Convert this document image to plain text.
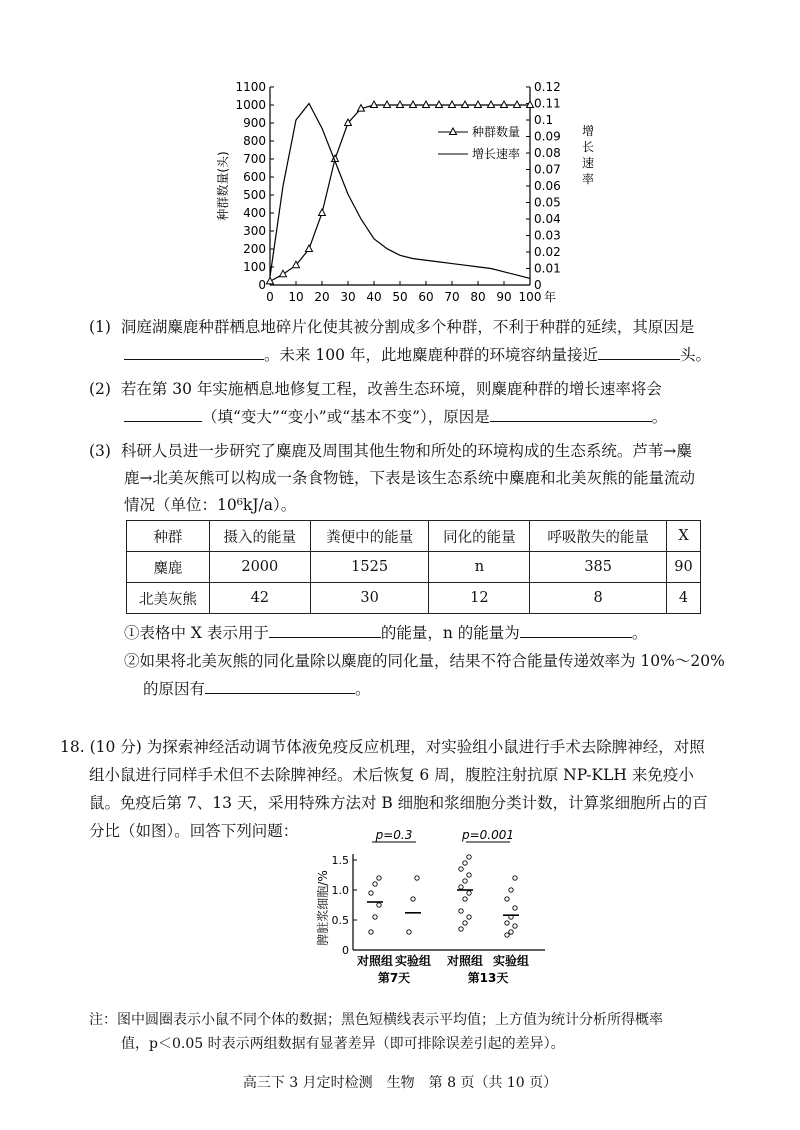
0
100
200
300
400
500
600
700
800
900
1000
1100
0
0.01
0.02
0.03
0.04
0.05
0.06
0.07
0.08
0.09
0.1
0.11
0.12
0 10 20 30 40 50 60 70 80 90 100 年
种群数量(头)
增长速率
种群数量
增长速率
(1) 洞庭湖麋鹿种群栖息地碎片化使其被分割成多个种群，不利于种群的延续，其原因是
。未来 100 年，此地麋鹿种群的环境容纳量接近	头。
(2) 若在第 30 年实施栖息地修复工程，改善生态环境，则麋鹿种群的增长速率将会
（填“变大”“变小”或“基本不变”），原因是	。
(3) 科研人员进一步研究了麋鹿及周围其他生物和所处的环境构成的生态系统。芦苇→麋
鹿→北美灰熊可以构成一条食物链，下表是该生态系统中麋鹿和北美灰熊的能量流动
情况（单位：10⁶kJ/a）。
种群	摄入的能量	粪便中的能量	同化的能量	呼吸散失的能量	X
麋鹿	2000	1525	n	385	90
北美灰熊	42	30	12	8	4
①表格中 X 表示用于	的能量，n 的能量为	。
②如果将北美灰熊的同化量除以麋鹿的同化量，结果不符合能量传递效率为 10%～20%
的原因有	。
18. (10 分) 为探索神经活动调节体液免疫反应机理，对实验组小鼠进行手术去除脾神经，对照
组小鼠进行同样手术但不去除脾神经。术后恢复 6 周，腹腔注射抗原 NP-KLH 来免疫小
鼠。免疫后第 7、13 天，采用特殊方法对 B 细胞和浆细胞分类计数，计算浆细胞所占的百
分比（如图）。回答下列问题：
0
0.5
1.0
1.5
脾脏浆细胞/%
p=0.3	p=0.001
对照组 实验组 对照组 实验组
第7天	第13天
注：图中圆圈表示小鼠不同个体的数据；黑色短横线表示平均值；上方值为统计分析所得概率
值，p＜0.05 时表示两组数据有显著差异（即可排除误差引起的差异）。
高三下 3 月定时检测　生物　第 8 页（共 10 页）
